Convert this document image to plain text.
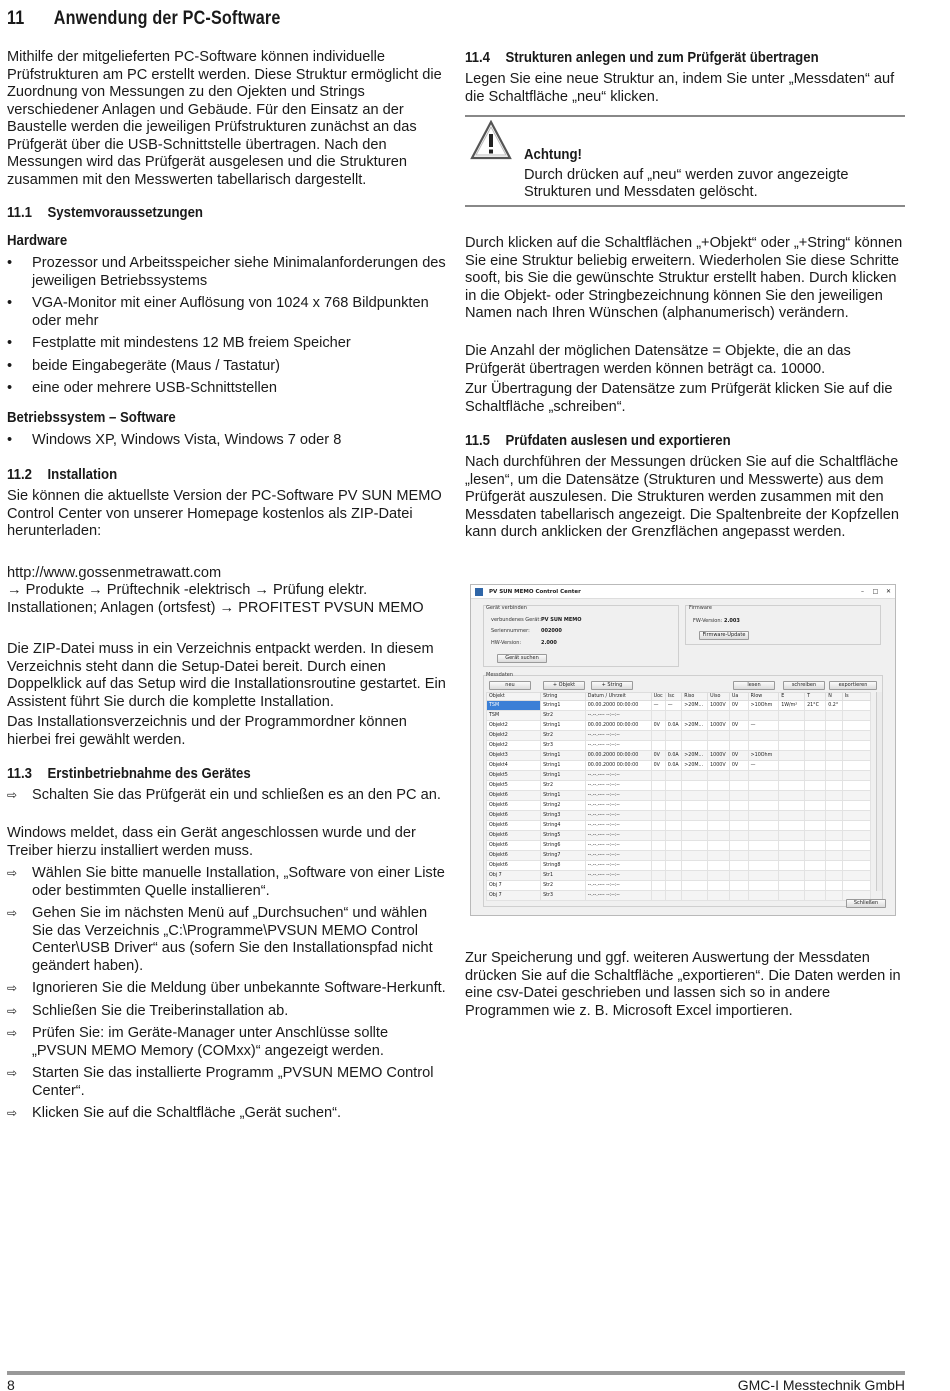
11 Anwendung der PC-Software

Mithilfe der mitgelieferten PC-Software können individuelle Prüfstrukturen am PC erstellt werden. Diese Struktur ermöglicht die Zuordnung von Messungen zu den Ojekten und Strings verschiedener Anlagen und Gebäude. Für den Einsatz an der Baustelle werden die jeweiligen Prüfstrukturen zunächst an das Prüfgerät über die USB-Schnittstelle übertragen. Nach den Messungen wird das Prüfgerät ausgelesen und die Strukturen zusammen mit den Messwerten tabellarisch dargestellt.

11.1 Systemvoraussetzungen
Hardware
• Prozessor und Arbeitsspeicher siehe Minimalanforderungen des jeweiligen Betriebssystems
• VGA-Monitor mit einer Auflösung von 1024 x 768 Bildpunkten oder mehr
• Festplatte mit mindestens 12 MB freiem Speicher
• beide Eingabegeräte (Maus / Tastatur)
• eine oder mehrere USB-Schnittstellen
Betriebssystem – Software
• Windows XP, Windows Vista, Windows 7 oder 8
11.2 Installation

Sie können die aktuellste Version der PC-Software PV SUN MEMO Control Center von unserer Homepage kostenlos als ZIP-Datei herunterladen:

http://www.gossenmetrawatt.com

→ Produkte → Prüftechnik -elektrisch → Prüfung elektr. Installationen; Anlagen (ortsfest) → PROFITEST PVSUN MEMO

Die ZIP-Datei muss in ein Verzeichnis entpackt werden. In diesem Verzeichnis steht dann die Setup-Datei bereit. Durch einen Doppelklick auf das Setup wird die Installationsroutine gestartet. Ein Assistent führt Sie durch die komplette Installation.

Das Installationsverzeichnis und der Programmordner können hierbei frei gewählt werden.

11.3 Erstinbetriebnahme des Gerätes
⇨ Schalten Sie das Prüfgerät ein und schließen es an den PC an.

Windows meldet, dass ein Gerät angeschlossen wurde und der Treiber hierzu installiert werden muss.

⇨ Wählen Sie bitte manuelle Installation, „Software von einer Liste oder bestimmten Quelle installieren“.
⇨ Gehen Sie im nächsten Menü auf „Durchsuchen“ und wählen Sie das Verzeichnis „C:\Programme\PVSUN MEMO Control Center\USB Driver“ aus (sofern Sie den Installationspfad nicht geändert haben).
⇨ Ignorieren Sie die Meldung über unbekannte Software-Herkunft.
⇨ Schließen Sie die Treiberinstallation ab.
⇨ Prüfen Sie: im Geräte-Manager unter Anschlüsse sollte „PVSUN MEMO Memory (COMxx)“ angezeigt werden.
⇨ Starten Sie das installierte Programm „PVSUN MEMO Control Center“.
⇨ Klicken Sie auf die Schaltfläche „Gerät suchen“.
11.4 Strukturen anlegen und zum Prüfgerät übertragen

Legen Sie eine neue Struktur an, indem Sie unter „Messdaten“ auf die Schaltfläche „neu“ klicken.

Achtung!

Durch drücken auf „neu“ werden zuvor angezeigte Strukturen und Messdaten gelöscht.

Durch klicken auf die Schaltflächen „+Objekt“ oder „+String“ können Sie eine Struktur beliebig erweitern. Wiederholen Sie diese Schritte sooft, bis Sie die gewünschte Struktur erstellt haben. Durch klicken in die Objekt- oder Stringbezeichnung können Sie den jeweiligen Namen nach Ihren Wünschen (alphanumerisch) verändern.

Die Anzahl der möglichen Datensätze = Objekte, die an das Prüfgerät übertragen werden können beträgt ca. 10000.

Zur Übertragung der Datensätze zum Prüfgerät klicken Sie auf die Schaltfläche „schreiben“.

11.5 Prüfdaten auslesen und exportieren

Nach durchführen der Messungen drücken Sie auf die Schaltfläche „lesen“, um die Datensätze (Strukturen und Messwerte) aus dem Prüfgerät auszulesen. Die Strukturen werden zusammen mit den Messdaten tabellarisch angezeigt. Die Spaltenbreite der Kopfzellen kann durch anklicken der Grenzflächen angepasst werden.

Zur Speicherung und ggf. weiteren Auswertung der Messdaten drücken Sie auf die Schaltfläche „exportieren“. Die Daten werden in eine csv-Datei geschrieben und lassen sich so in andere Programmen wie z. B. Microsoft Excel importieren.

PV SUN MEMO Control Center	–	□	✕
Gerät verbinden
verbundenes Gerät: PV SUN MEMO
Seriennummer: 002000
HW-Version:	2.000
Gerät suchen
Firmware
FW-Version: 2.003
Firmware-Update
Messdaten
neu	+ Objekt	+ String	lesen	schreiben	exportieren
Objekt	String	Datum / Uhrzeit	Uoc	Isc	Riso	Uiso	Ua	Rlow	E	T	N	Is
TSM	String1	00.00.2000 00:00:00	—	—	>20M...	1000V	0V	>10Ohm	1W/m²	21°C	0.2°	
TSM	Str2	--.--.---- --:--:--										
Objekt2	String1	00.00.2000 00:00:00	0V	0.0A	>20M...	1000V	0V	—				
Objekt2	Str2	--.--.---- --:--:--										
Objekt2	Str3	--.--.---- --:--:--										
Objekt3	String1	00.00.2000 00:00:00	0V	0.0A	>20M...	1000V	0V	>10Ohm				
Objekt4	String1	00.00.2000 00:00:00	0V	0.0A	>20M...	1000V	0V	—				
Objekt5	String1	--.--.---- --:--:--										
Objekt5	Str2	--.--.---- --:--:--										
Objekt6	String1	--.--.---- --:--:--										
Objekt6	String2	--.--.---- --:--:--										
Objekt6	String3	--.--.---- --:--:--										
Objekt6	String4	--.--.---- --:--:--										
Objekt6	String5	--.--.---- --:--:--										
Objekt6	String6	--.--.---- --:--:--										
Objekt6	String7	--.--.---- --:--:--										
Objekt6	String8	--.--.---- --:--:--										
Obj 7	Str1	--.--.---- --:--:--										
Obj 7	Str2	--.--.---- --:--:--										
Obj 7	Str3	--.--.---- --:--:--										
Schließen
8	GMC-I Messtechnik GmbH
